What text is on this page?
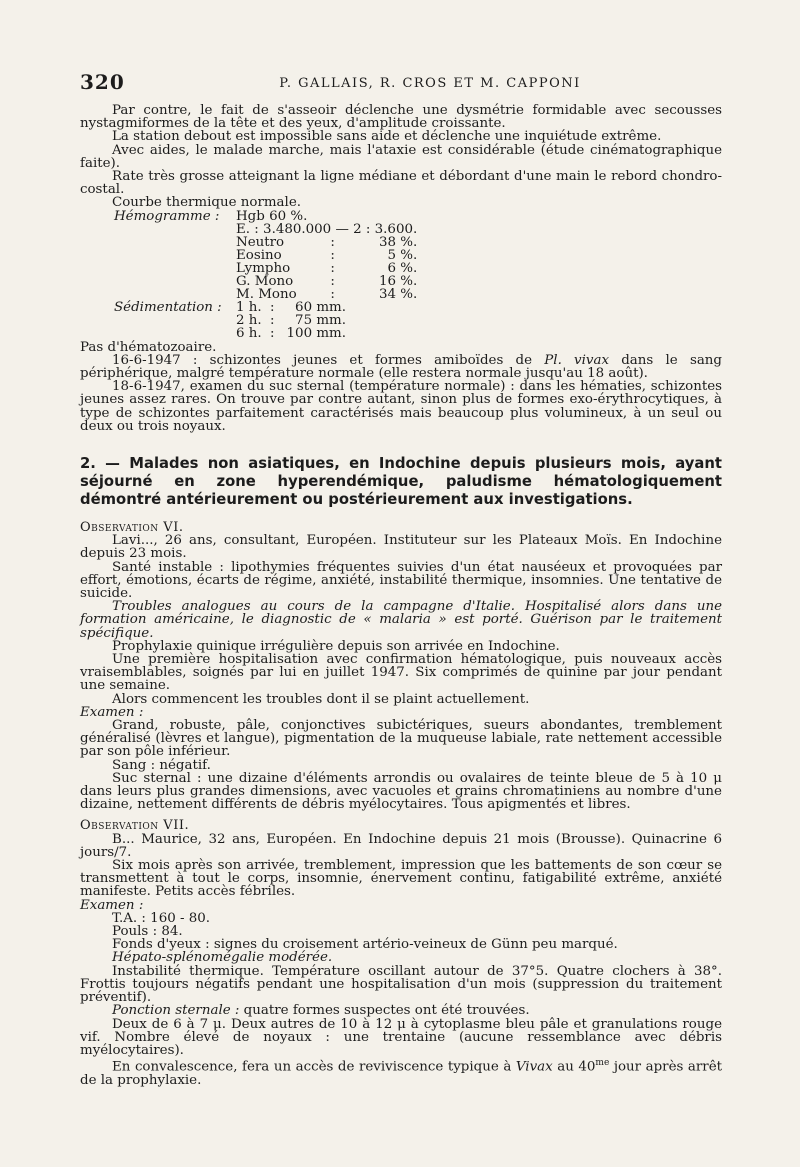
320	P. GALLAIS, R. CROS ET M. CAPPONI

Par contre, le fait de s'asseoir déclenche une dysmétrie formidable avec secousses nystagmiformes de la tête et des yeux, d'amplitude croissante.

La station debout est impossible sans aide et déclenche une inquiétude extrême.

Avec aides, le malade marche, mais l'ataxie est considérable (étude cinématographique faite).

Rate très grosse atteignant la ligne médiane et débordant d'une main le rebord chondro-costal.

Courbe thermique normale.

Hémogramme :	Hgb 60 %.		
	E. : 3.480.000 — 2 : 3.600.		
	Neutro	:	38 %.
	Eosino	:	5 %.
	Lympho	:	6 %.
	G. Mono	:	16 %.
	M. Mono	:	34 %.
Sédimentation :	1 h.	:	60 mm.
	2 h.	:	75 mm.
	6 h.	:	100 mm.

Pas d'hématozoaire.

16-6-1947 : schizontes jeunes et formes amiboïdes de Pl. vivax dans le sang périphérique, malgré température normale (elle restera normale jusqu'au 18 août).

18-6-1947, examen du suc sternal (température normale) : dans les hématies, schizontes jeunes assez rares. On trouve par contre autant, sinon plus de formes exo-érythrocytiques, à type de schizontes parfaitement caractérisés mais beaucoup plus volumineux, à un seul ou deux ou trois noyaux.

2. — Malades non asiatiques, en Indochine depuis plusieurs mois, ayant séjourné en zone hyperendémique, paludisme hématologiquement démontré antérieurement ou postérieurement aux investigations.

Observation VI.

Lavi..., 26 ans, consultant, Européen. Instituteur sur les Plateaux Moïs. En Indochine depuis 23 mois.

Santé instable : lipothymies fréquentes suivies d'un état nauséeux et provoquées par effort, émotions, écarts de régime, anxiété, instabilité thermique, insomnies. Une tentative de suicide.

Troubles analogues au cours de la campagne d'Italie. Hospitalisé alors dans une formation américaine, le diagnostic de « malaria » est porté. Guérison par le traitement spécifique.

Prophylaxie quinique irrégulière depuis son arrivée en Indochine.

Une première hospitalisation avec confirmation hématologique, puis nouveaux accès vraisemblables, soignés par lui en juillet 1947. Six comprimés de quinine par jour pendant une semaine.

Alors commencent les troubles dont il se plaint actuellement.

Examen :

Grand, robuste, pâle, conjonctives subictériques, sueurs abondantes, tremblement généralisé (lèvres et langue), pigmentation de la muqueuse labiale, rate nettement accessible par son pôle inférieur.

Sang : négatif.

Suc sternal : une dizaine d'éléments arrondis ou ovalaires de teinte bleue de 5 à 10 μ dans leurs plus grandes dimensions, avec vacuoles et grains chromatiniens au nombre d'une dizaine, nettement différents de débris myélocytaires. Tous apigmentés et libres.

Observation VII.

B... Maurice, 32 ans, Européen. En Indochine depuis 21 mois (Brousse). Quinacrine 6 jours/7.

Six mois après son arrivée, tremblement, impression que les battements de son cœur se transmettent à tout le corps, insomnie, énervement continu, fatigabilité extrême, anxiété manifeste. Petits accès fébriles.

Examen :

T.A. : 160 - 80.

Pouls : 84.

Fonds d'yeux : signes du croisement artério-veineux de Günn peu marqué.

Hépato-splénomégalie modérée.

Instabilité thermique. Température oscillant autour de 37°5. Quatre clochers à 38°. Frottis toujours négatifs pendant une hospitalisation d'un mois (suppression du traitement préventif).

Ponction sternale : quatre formes suspectes ont été trouvées.

Deux de 6 à 7 μ. Deux autres de 10 à 12 μ à cytoplasme bleu pâle et granulations rouge vif. Nombre élevé de noyaux : une trentaine (aucune ressemblance avec débris myélocytaires).

En convalescence, fera un accès de reviviscence typique à Vivax au $40^{me}$ jour après arrêt de la prophylaxie.
